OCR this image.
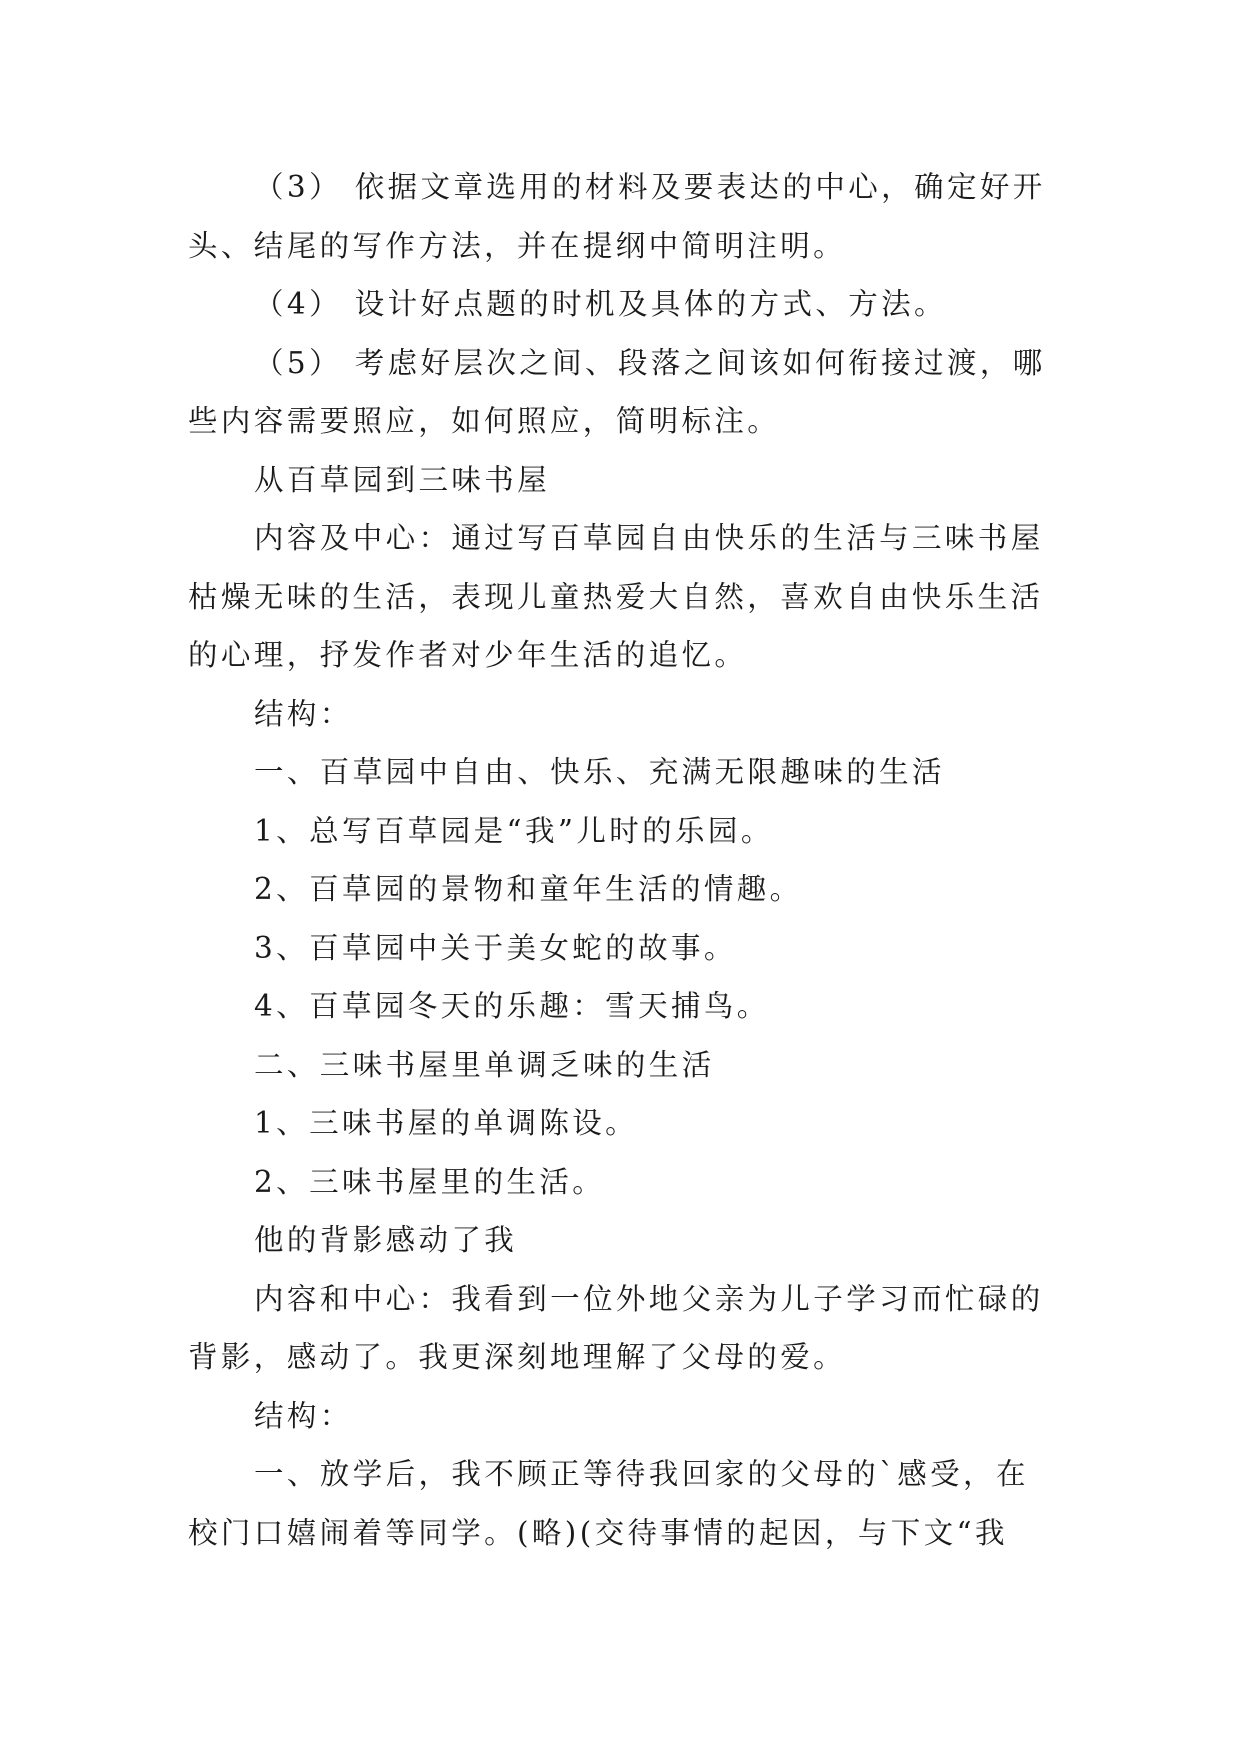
（3） 依据文章选用的材料及要表达的中心，确定好开头、结尾的写作方法，并在提纲中简明注明。

（4） 设计好点题的时机及具体的方式、方法。

（5） 考虑好层次之间、段落之间该如何衔接过渡，哪些内容需要照应，如何照应，简明标注。

从百草园到三味书屋

内容及中心：通过写百草园自由快乐的生活与三味书屋枯燥无味的生活，表现儿童热爱大自然，喜欢自由快乐生活的心理，抒发作者对少年生活的追忆。

结构：

一、百草园中自由、快乐、充满无限趣味的生活

1、总写百草园是“我”儿时的乐园。

2、百草园的景物和童年生活的情趣。

3、百草园中关于美女蛇的故事。

4、百草园冬天的乐趣：雪天捕鸟。

二、三味书屋里单调乏味的生活

1、三味书屋的单调陈设。

2、三味书屋里的生活。

他的背影感动了我

内容和中心：我看到一位外地父亲为儿子学习而忙碌的背影，感动了。我更深刻地理解了父母的爱。

结构：

一、放学后，我不顾正等待我回家的父母的`感受，在校门口嬉闹着等同学。(略)(交待事情的起因，与下文“我
